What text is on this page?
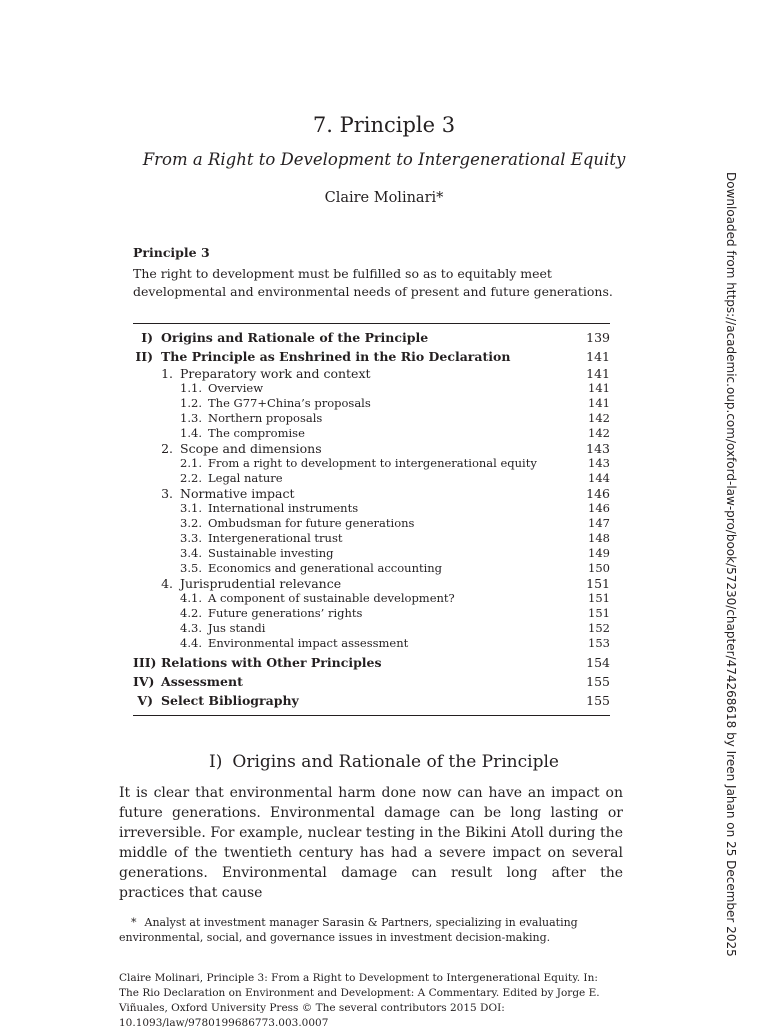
7. Principle 3
From a Right to Development to Intergenerational Equity
Claire Molinari*
Principle 3
The right to development must be fulfilled so as to equitably meet developmental and environmental needs of present and future generations.
I) Origins and Rationale of the Principle	139
II) The Principle as Enshrined in the Rio Declaration	141
1. Preparatory work and context	141
1.1. Overview	141
1.2. The G77+China’s proposals	141
1.3. Northern proposals	142
1.4. The compromise	142
2. Scope and dimensions	143
2.1. From a right to development to intergenerational equity	143
2.2. Legal nature	144
3. Normative impact	146
3.1. International instruments	146
3.2. Ombudsman for future generations	147
3.3. Intergenerational trust	148
3.4. Sustainable investing	149
3.5. Economics and generational accounting	150
4. Jurisprudential relevance	151
4.1. A component of sustainable development?	151
4.2. Future generations’ rights	151
4.3. Jus standi	152
4.4. Environmental impact assessment	153
III) Relations with Other Principles	154
IV) Assessment	155
V) Select Bibliography	155
I) Origins and Rationale of the Principle

It is clear that environmental harm done now can have an impact on future generations. Environmental damage can be long lasting or irreversible. For example, nuclear testing in the Bikini Atoll during the middle of the twentieth century has had a severe impact on several generations. Environmental damage can result long after the practices that cause

* Analyst at investment manager Sarasin & Partners, specializing in evaluating environmental, social, and governance issues in investment decision-making.
Claire Molinari, Principle 3: From a Right to Development to Intergenerational Equity. In: The Rio Declaration on Environment and Development: A Commentary. Edited by Jorge E. Viñuales, Oxford University Press © The several contributors 2015 DOI: 10.1093/law/9780199686773.003.0007
Downloaded from https://academic.oup.com/oxford-law-pro/book/57230/chapter/474268618 by Ireen Jahan on 25 December 2025
